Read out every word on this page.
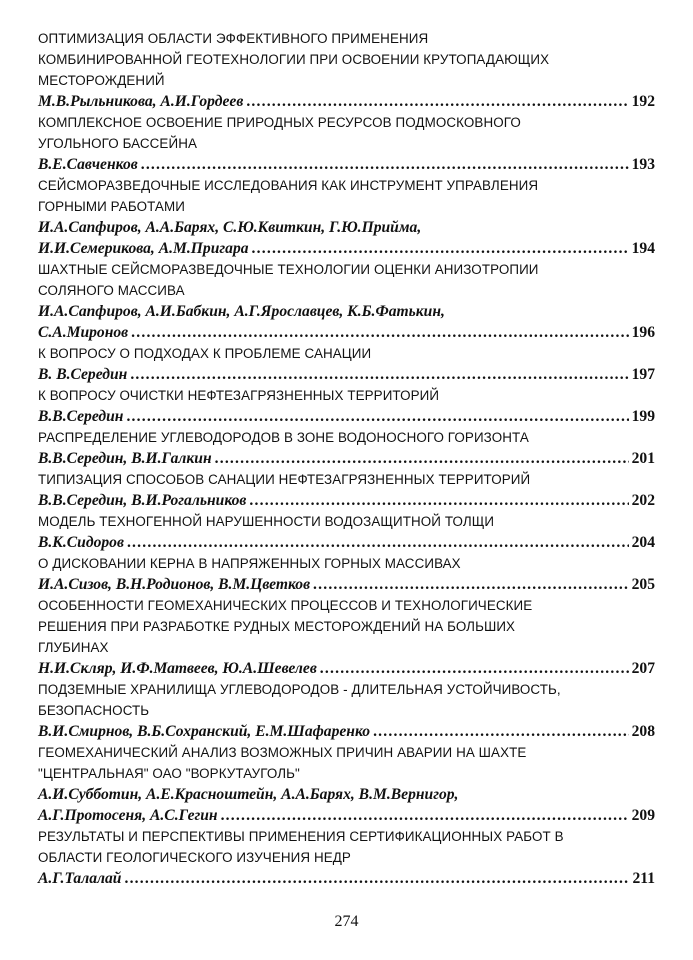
ОПТИМИЗАЦИЯ ОБЛАСТИ ЭФФЕКТИВНОГО ПРИМЕНЕНИЯ
КОМБИНИРОВАННОЙ ГЕОТЕХНОЛОГИИ ПРИ ОСВОЕНИИ КРУТОПАДАЮЩИХ
МЕСТОРОЖДЕНИЙ
М.В.Рыльникова, А.И.Гордеев .....	192
КОМПЛЕКСНОЕ ОСВОЕНИЕ ПРИРОДНЫХ РЕСУРСОВ ПОДМОСКОВНОГО
УГОЛЬНОГО БАССЕЙНА
В.Е.Савченков .....	193
СЕЙСМОРАЗВЕДОЧНЫЕ ИССЛЕДОВАНИЯ КАК ИНСТРУМЕНТ УПРАВЛЕНИЯ
ГОРНЫМИ РАБОТАМИ
И.А.Сапфиров, А.А.Барях, С.Ю.Квиткин, Г.Ю.Прийма,
И.И.Семерикова, А.М.Пригара .....	194
ШАХТНЫЕ СЕЙСМОРАЗВЕДОЧНЫЕ ТЕХНОЛОГИИ ОЦЕНКИ АНИЗОТРОПИИ
СОЛЯНОГО МАССИВА
И.А.Сапфиров, А.И.Бабкин, А.Г.Ярославцев, К.Б.Фатькин,
С.А.Миронов .....	196
К ВОПРОСУ О ПОДХОДАХ К ПРОБЛЕМЕ САНАЦИИ
В. В.Середин .....	197
К ВОПРОСУ ОЧИСТКИ НЕФТЕЗАГРЯЗНЕННЫХ ТЕРРИТОРИЙ
В.В.Середин .....	199
РАСПРЕДЕЛЕНИЕ УГЛЕВОДОРОДОВ В ЗОНЕ ВОДОНОСНОГО ГОРИЗОНТА
В.В.Середин, В.И.Галкин .....	201
ТИПИЗАЦИЯ СПОСОБОВ САНАЦИИ НЕФТЕЗАГРЯЗНЕННЫХ ТЕРРИТОРИЙ
В.В.Середин, В.И.Рогальников .....	202
МОДЕЛЬ ТЕХНОГЕННОЙ НАРУШЕННОСТИ ВОДОЗАЩИТНОЙ ТОЛЩИ
В.К.Сидоров .....	204
О ДИСКОВАНИИ КЕРНА В НАПРЯЖЕННЫХ ГОРНЫХ МАССИВАХ
И.А.Сизов, В.Н.Родионов, В.М.Цветков .....	205
ОСОБЕННОСТИ ГЕОМЕХАНИЧЕСКИХ ПРОЦЕССОВ И ТЕХНОЛОГИЧЕСКИЕ
РЕШЕНИЯ ПРИ РАЗРАБОТКЕ РУДНЫХ МЕСТОРОЖДЕНИЙ НА БОЛЬШИХ
ГЛУБИНАХ
Н.И.Скляр, И.Ф.Матвеев, Ю.А.Шевелев .....	207
ПОДЗЕМНЫЕ ХРАНИЛИЩА УГЛЕВОДОРОДОВ - ДЛИТЕЛЬНАЯ УСТОЙЧИВОСТЬ,
БЕЗОПАСНОСТЬ
В.И.Смирнов, В.Б.Сохранский, Е.М.Шафаренко .....	208
ГЕОМЕХАНИЧЕСКИЙ АНАЛИЗ ВОЗМОЖНЫХ ПРИЧИН АВАРИИ НА ШАХТЕ
"ЦЕНТРАЛЬНАЯ" ОАО "ВОРКУТАУГОЛЬ"
А.И.Субботин, А.Е.Красноштейн, А.А.Барях, В.М.Вернигор,
А.Г.Протосеня, А.С.Гегин .....	209
РЕЗУЛЬТАТЫ И ПЕРСПЕКТИВЫ ПРИМЕНЕНИЯ СЕРТИФИКАЦИОННЫХ РАБОТ В
ОБЛАСТИ ГЕОЛОГИЧЕСКОГО ИЗУЧЕНИЯ НЕДР
А.Г.Талалай .....	211
274
